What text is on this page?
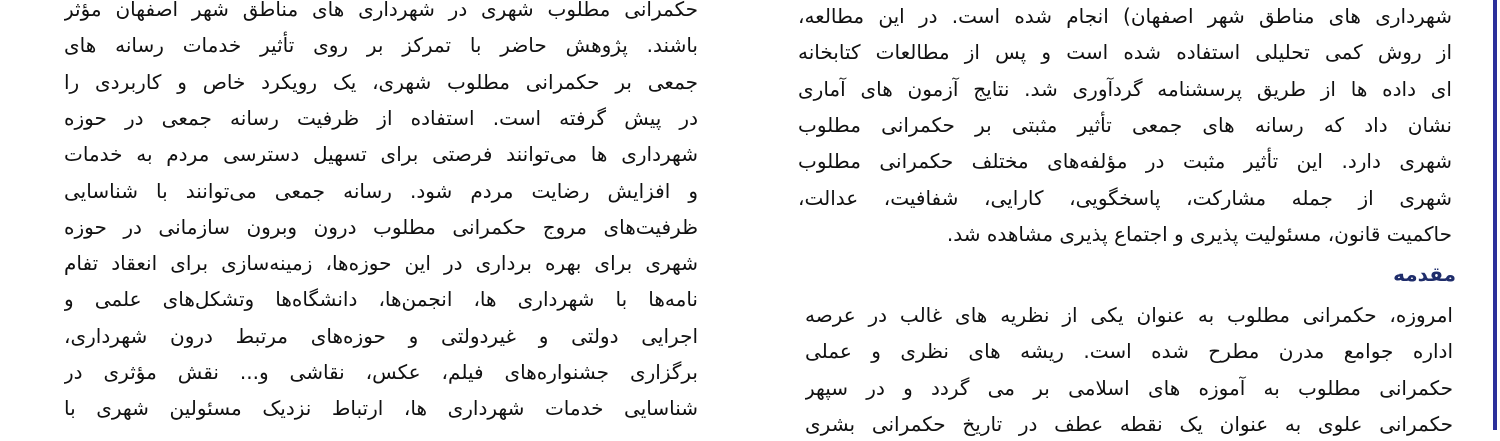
حکمرانی مطلوب شهری در شهرداری های مناطق شهر اصفهان مؤثر
باشند. پژوهش حاضر با تمرکز بر روی تأثیر خدمات رسانه های
جمعی بر حکمرانی مطلوب شهری، یک رویکرد خاص و کاربردی را
در پیش گرفته است. استفاده از ظرفیت رسانه جمعی در حوزه
شهرداری ها می‌توانند فرصتی برای تسهیل دسترسی مردم به خدمات
و افزایش رضایت مردم شود. رسانه جمعی می‌توانند با شناسایی
ظرفیت‌های مروج حکمرانی مطلوب درون وبرون سازمانی در حوزه
شهری برای بهره برداری در این حوزه‌ها، زمینه‌سازی برای انعقاد تفام
نامه‌ها با شهرداری ها، انجمن‌ها، دانشگاه‌ها وتشکل‌های علمی و
اجرایی دولتی و غیردولتی و حوزه‌های مرتبط درون شهرداری،
برگزاری جشنواره‌های فیلم، عکس، نقاشی و... نقش مؤثری در
شناسایی خدمات شهرداری ها، ارتباط نزدیک مسئولین شهری با
شهرداری های مناطق شهر اصفهان) انجام شده است. در این مطالعه،
از روش کمی تحلیلی استفاده شده است و پس از مطالعات کتابخانه
ای داده ها از طریق پرسشنامه گردآوری شد. نتایج آزمون های آماری
نشان داد که رسانه های جمعی تأثیر مثبتی بر حکمرانی مطلوب
شهری دارد. این تأثیر مثبت در مؤلفه‌های مختلف حکمرانی مطلوب
شهری از جمله مشارکت، پاسخگویی، کارایی، شفافیت، عدالت،
حاکمیت قانون، مسئولیت پذیری و اجتماع پذیری مشاهده شد.
مقدمه
امروزه، حکمرانی مطلوب به عنوان یکی از نظریه های غالب در عرصه
اداره جوامع مدرن مطرح شده است. ریشه های نظری و عملی
حکمرانی مطلوب به آموزه های اسلامی بر می گردد و در سپهر
حکمرانی علوی به عنوان یک نقطه عطف در تاریخ حکمرانی بشری
